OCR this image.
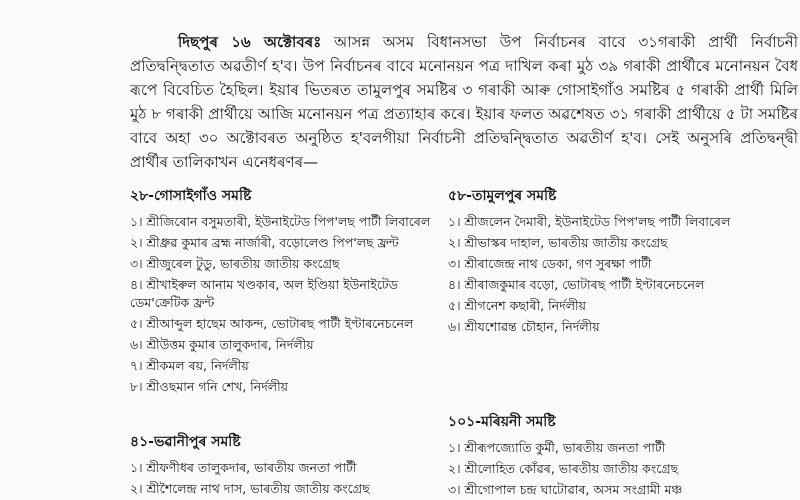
দিছপুৰ ১৬ অক্টোবৰঃ আসন্ন অসম বিধানসভা উপ নিৰ্বাচনৰ বাবে ৩১গৰাকী প্ৰাৰ্থী নিৰ্বাচনী প্ৰতিদ্বন্দ্বিতাত অৱতীৰ্ণ হ'ব। উপ নিৰ্বাচনৰ বাবে মনোনয়ন পত্ৰ দাখিল কৰা মুঠ ৩৯ গৰাকী প্ৰাৰ্থীৰে মনোনয়ন বৈধ ৰূপে বিবেচিত হৈছিল। ইয়াৰ ভিতৰত তামুলপুৰ সমষ্টিৰ ৩ গৰাকী আৰু গোসাইগাঁও সমষ্টিৰ ৫ গৰাকী প্ৰাৰ্থী মিলি মুঠ ৮ গৰাকী প্ৰাৰ্থীয়ে আজি মনোনয়ন পত্ৰ প্ৰত্যাহাৰ কৰে। ইয়াৰ ফলত অৱশেষত ৩১ গৰাকী প্ৰাৰ্থীয়ে ৫ টা সমষ্টিৰ বাবে অহা ৩০ অক্টোবৰত অনুষ্ঠিত হ'বলগীয়া নিৰ্বাচনী প্ৰতিদ্বন্দ্বিতাত অৱতীৰ্ণ হ'ব। সেই অনুসৰি প্ৰতিদ্বন্দ্বী প্ৰাৰ্থীৰ তালিকাখন এনেধৰণৰ—

২৮-গোসাইগাঁও সমষ্টি
১। শ্ৰীজিৰোন বসুমতাৰী, ইউনাইটেড পিপ'লছ পাৰ্টী লিবাৰেল
২। শ্ৰীধ্ৰুৱ কুমাৰ ব্ৰহ্ম নাৰ্জাৰী, বড়োলেণ্ড পিপ'লছ ফ্ৰন্ট
৩। শ্ৰীজুৰেল টুডু, ভাৰতীয় জাতীয় কংগ্ৰেছ
৪। শ্ৰীখাইৰুল আনাম খণ্ডকাৰ, অল ইণ্ডিয়া ইউনাইটেড ডেম'ক্ৰেটিক ফ্ৰন্ট
৫। শ্ৰীআব্দুল হাছেম আকন্দ, ভোটাৰছ পাৰ্টী ইণ্টাৰনেচনেল
৬। শ্ৰীউত্তম কুমাৰ তালুকদাৰ, নিৰ্দলীয়
৭। শ্ৰীকমল ৰয়, নিৰ্দলীয়
৮। শ্ৰীওছমান গনি শেখ, নিৰ্দলীয়
৫৮-তামুলপুৰ সমষ্টি
১। শ্ৰীজলেন দৈমাৰী, ইউনাইটেড পিপ'লছ পাৰ্টী লিবাৰেল
২। শ্ৰীভাস্কৰ দাহাল, ভাৰতীয় জাতীয় কংগ্ৰেছ
৩। শ্ৰীৰাজেন্দ্ৰ নাথ ডেকা, গণ সুৰক্ষা পাৰ্টী
৪। শ্ৰীৰাজকুমাৰ বড়ো, ভোটাৰছ পাৰ্টী ইণ্টাৰনেচনেল
৫। শ্ৰীগনেশ কছাৰী, নিৰ্দলীয়
৬। শ্ৰীযশোৱন্ত চৌহান, নিৰ্দলীয়
৪১-ভৱানীপুৰ সমষ্টি
১। শ্ৰীফণীধৰ তালুকদাৰ, ভাৰতীয় জনতা পাৰ্টী
২। শ্ৰীশৈলেন্দ্ৰ নাথ দাস, ভাৰতীয় জাতীয় কংগ্ৰেছ
১০১-মৰিয়নী সমষ্টি
১। শ্ৰীৰূপজ্যোতি কুৰ্মী, ভাৰতীয় জনতা পাৰ্টী
২। শ্ৰীলোহিত কোঁৱৰ, ভাৰতীয় জাতীয় কংগ্ৰেছ
৩। শ্ৰীগোপাল চন্দ্ৰ ঘাটোৱাৰ, অসম সংগ্ৰামী মঞ্চ
